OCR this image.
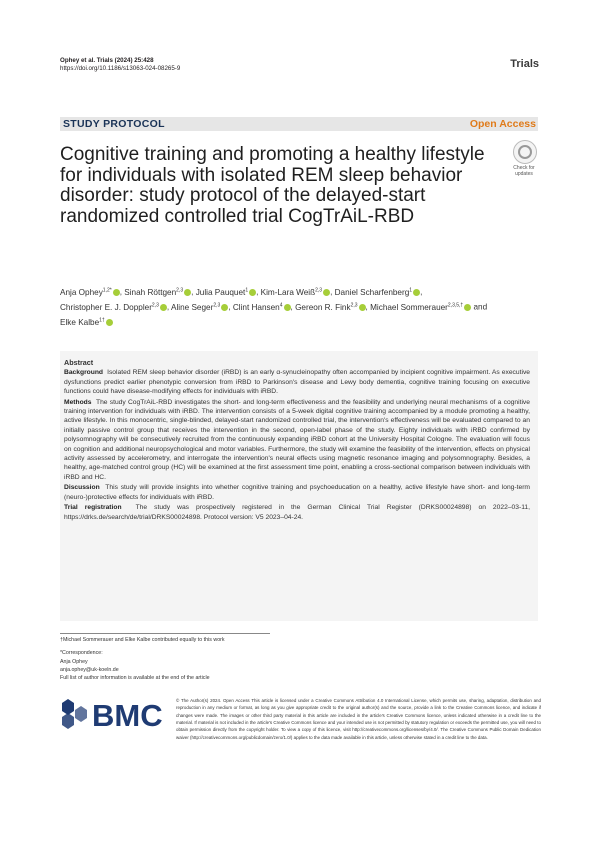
Ophey et al. Trials (2024) 25:428
https://doi.org/10.1186/s13063-024-08265-9	Trials
STUDY PROTOCOL	Open Access
Check for
updates
Cognitive training and promoting a healthy lifestyle for individuals with isolated REM sleep behavior disorder: study protocol of the delayed-start randomized controlled trial CogTrAiL-RBD
Anja Ophey$^{1,2*}$ , Sinah Röttgen$^{2,3}$ , Julia Pauquet$^1$ , Kim-Lara Weiß$^{2,3}$ , Daniel Scharfenberg$^1$ , Christopher E. J. Doppler$^{2,3}$ , Aline Seger$^{2,3}$ , Clint Hansen$^4$ , Gereon R. Fink$^{2,3}$ , Michael Sommerauer$^{2,3,5,\dagger}$ and Elke Kalbe$^{1\dagger}$
Abstract
Background Isolated REM sleep behavior disorder (iRBD) is an early α-synucleinopathy often accompanied by incipient cognitive impairment. As executive dysfunctions predict earlier phenotypic conversion from iRBD to Parkinson's disease and Lewy body dementia, cognitive training focusing on executive functions could have disease-modifying effects for individuals with iRBD.
Methods The study CogTrAiL-RBD investigates the short- and long-term effectiveness and the feasibility and underlying neural mechanisms of a cognitive training intervention for individuals with iRBD. The intervention consists of a 5-week digital cognitive training accompanied by a module promoting a healthy, active lifestyle. In this monocentric, single-blinded, delayed-start randomized controlled trial, the intervention's effectiveness will be evaluated compared to an initially passive control group that receives the intervention in the second, open-label phase of the study. Eighty individuals with iRBD confirmed by polysomnography will be consecutively recruited from the continuously expanding iRBD cohort at the University Hospital Cologne. The evaluation will focus on cognition and additional neuropsychological and motor variables. Furthermore, the study will examine the feasibility of the intervention, effects on physical activity assessed by accelerometry, and interrogate the intervention's neural effects using magnetic resonance imaging and polysomnography. Besides, a healthy, age-matched control group (HC) will be examined at the first assessment time point, enabling a cross-sectional comparison between individuals with iRBD and HC.
Discussion This study will provide insights into whether cognitive training and psychoeducation on a healthy, active lifestyle have short- and long-term (neuro-)protective effects for individuals with iRBD.
Trial registration The study was prospectively registered in the German Clinical Trial Register (DRKS00024898) on 2022–03-11, https://drks.de/search/de/trial/DRKS00024898. Protocol version: V5 2023–04-24.
†Michael Sommerauer and Elke Kalbe contributed equally to this work
*Correspondence:
Anja Ophey
anja.ophey@uk-koeln.de
Full list of author information is available at the end of the article
BMC	© The Author(s) 2024. Open Access This article is licensed under a Creative Commons Attribution 4.0 International License, which permits use, sharing, adaptation, distribution and reproduction in any medium or format, as long as you give appropriate credit to the original author(s) and the source, provide a link to the Creative Commons licence, and indicate if changes were made. The images or other third party material in this article are included in the article's Creative Commons licence, unless indicated otherwise in a credit line to the material. If material is not included in the article's Creative Commons licence and your intended use is not permitted by statutory regulation or exceeds the permitted use, you will need to obtain permission directly from the copyright holder. To view a copy of this licence, visit http://creativecommons.org/licenses/by/4.0/. The Creative Commons Public Domain Dedication waiver (http://creativecommons.org/publicdomain/zero/1.0/) applies to the data made available in this article, unless otherwise stated in a credit line to the data.
